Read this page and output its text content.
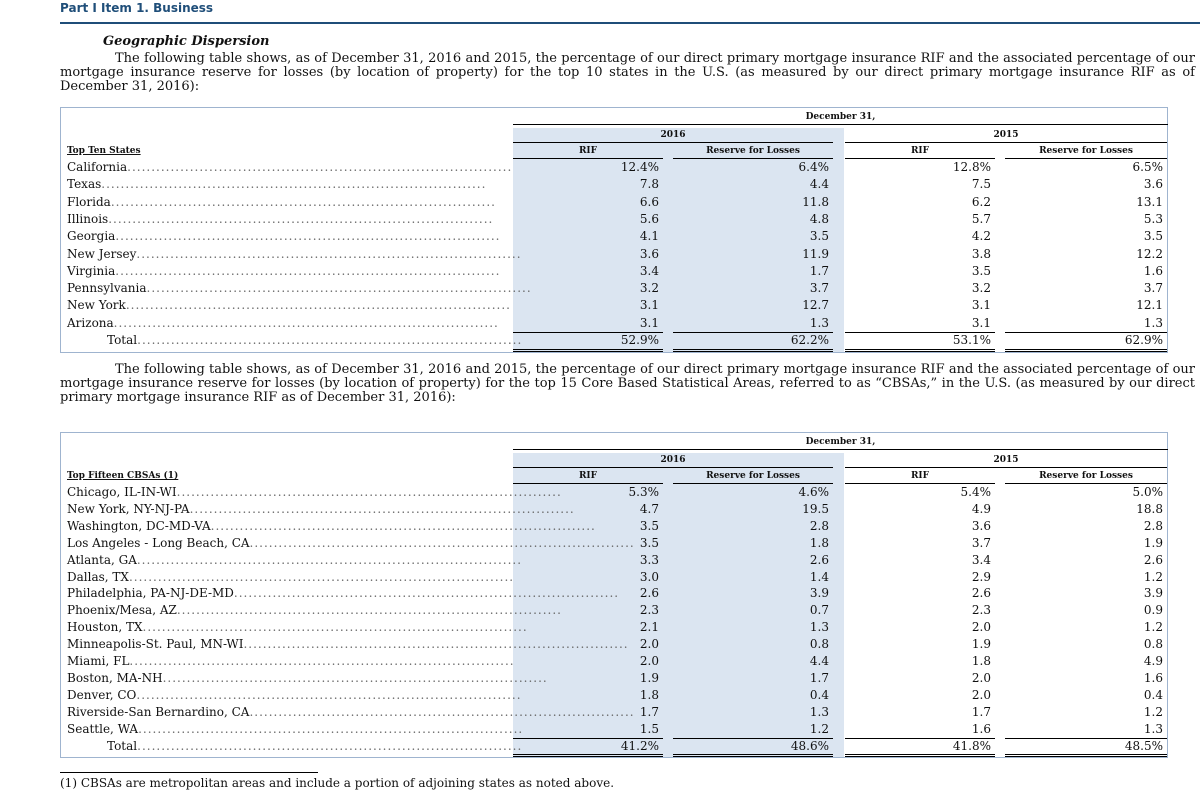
Part I Item 1. Business
Geographic Dispersion

The following table shows, as of December 31, 2016 and 2015, the percentage of our direct primary mortgage insurance RIF and the associated percentage of our mortgage insurance reserve for losses (by location of property) for the top 10 states in the U.S. (as measured by our direct primary mortgage insurance RIF as of December 31, 2016):

December 31,
2016	2015
RIF	Reserve for Losses	RIF	Reserve for Losses
Top Ten States
California................................................................................	12.4%	6.4%	12.8%	6.5%
Texas................................................................................	7.8	4.4	7.5	3.6
Florida................................................................................	6.6	11.8	6.2	13.1
Illinois................................................................................	5.6	4.8	5.7	5.3
Georgia................................................................................	4.1	3.5	4.2	3.5
New Jersey................................................................................	3.6	11.9	3.8	12.2
Virginia................................................................................	3.4	1.7	3.5	1.6
Pennsylvania................................................................................	3.2	3.7	3.2	3.7
New York................................................................................	3.1	12.7	3.1	12.1
Arizona................................................................................	3.1	1.3	3.1	1.3
Total................................................................................	52.9%	62.2%	53.1%	62.9%

The following table shows, as of December 31, 2016 and 2015, the percentage of our direct primary mortgage insurance RIF and the associated percentage of our mortgage insurance reserve for losses (by location of property) for the top 15 Core Based Statistical Areas, referred to as “CBSAs,” in the U.S. (as measured by our direct primary mortgage insurance RIF as of December 31, 2016):

December 31,
2016	2015
RIF	Reserve for Losses	RIF	Reserve for Losses
Top Fifteen CBSAs (1)
Chicago, IL-IN-WI................................................................................	5.3%	4.6%	5.4%	5.0%
New York, NY-NJ-PA................................................................................	4.7	19.5	4.9	18.8
Washington, DC-MD-VA................................................................................	3.5	2.8	3.6	2.8
Los Angeles - Long Beach, CA................................................................................ 3.5	1.8	3.7	1.9
Atlanta, GA................................................................................	3.3	2.6	3.4	2.6
Dallas, TX................................................................................	3.0	1.4	2.9	1.2
Philadelphia, PA-NJ-DE-MD................................................................................	2.6	3.9	2.6	3.9
Phoenix/Mesa, AZ................................................................................	2.3	0.7	2.3	0.9
Houston, TX................................................................................	2.1	1.3	2.0	1.2
Minneapolis-St. Paul, MN-WI................................................................................ 2.0	0.8	1.9	0.8
Miami, FL................................................................................	2.0	4.4	1.8	4.9
Boston, MA-NH................................................................................	1.9	1.7	2.0	1.6
Denver, CO................................................................................	1.8	0.4	2.0	0.4
Riverside-San Bernardino, CA................................................................................ 1.7	1.3	1.7	1.2
Seattle, WA................................................................................	1.5	1.2	1.6	1.3
Total................................................................................	41.2%	48.6%	41.8%	48.5%
(1) CBSAs are metropolitan areas and include a portion of adjoining states as noted above.
